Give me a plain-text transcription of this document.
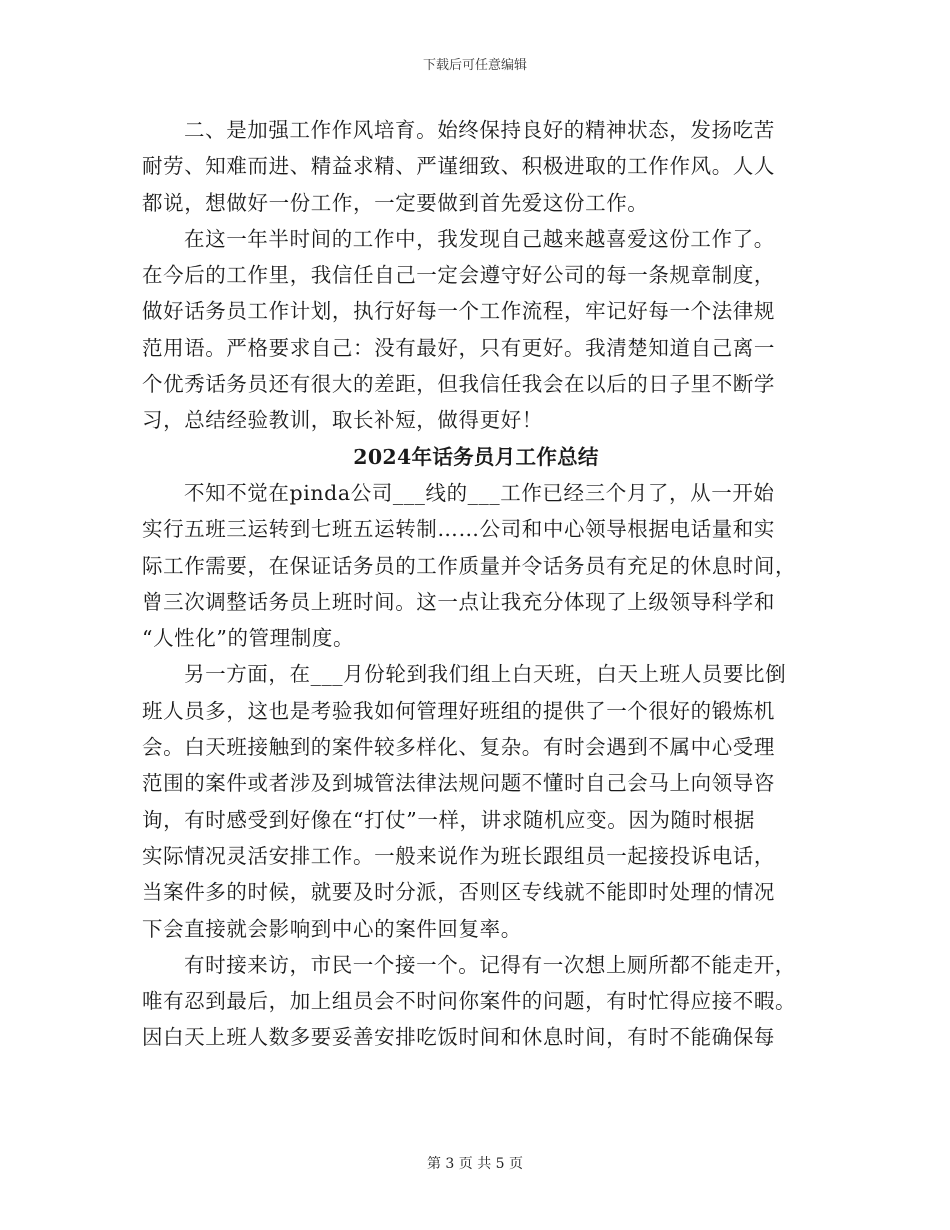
下载后可任意编辑

二、是加强工作作风培育。始终保持良好的精神状态，发扬吃苦
耐劳、知难而进、精益求精、严谨细致、积极进取的工作作风。人人
都说，想做好一份工作，一定要做到首先爱这份工作。

在这一年半时间的工作中，我发现自己越来越喜爱这份工作了。
在今后的工作里，我信任自己一定会遵守好公司的每一条规章制度，
做好话务员工作计划，执行好每一个工作流程，牢记好每一个法律规
范用语。严格要求自己：没有最好，只有更好。我清楚知道自己离一
个优秀话务员还有很大的差距，但我信任我会在以后的日子里不断学
习，总结经验教训，取长补短，做得更好！

2024年话务员月工作总结

不知不觉在pinda公司___线的___工作已经三个月了，从一开始
实行五班三运转到七班五运转制……公司和中心领导根据电话量和实
际工作需要，在保证话务员的工作质量并令话务员有充足的休息时间，
曾三次调整话务员上班时间。这一点让我充分体现了上级领导科学和
“人性化”的管理制度。

另一方面，在___月份轮到我们组上白天班，白天上班人员要比倒
班人员多，这也是考验我如何管理好班组的提供了一个很好的锻炼机
会。白天班接触到的案件较多样化、复杂。有时会遇到不属中心受理
范围的案件或者涉及到城管法律法规问题不懂时自己会马上向领导咨
询，有时感受到好像在“打仗”一样，讲求随机应变。因为随时根据
实际情况灵活安排工作。一般来说作为班长跟组员一起接投诉电话，
当案件多的时候，就要及时分派，否则区专线就不能即时处理的情况
下会直接就会影响到中心的案件回复率。

有时接来访，市民一个接一个。记得有一次想上厕所都不能走开，
唯有忍到最后，加上组员会不时问你案件的问题，有时忙得应接不暇。
因白天上班人数多要妥善安排吃饭时间和休息时间，有时不能确保每

第 3 页 共 5 页
